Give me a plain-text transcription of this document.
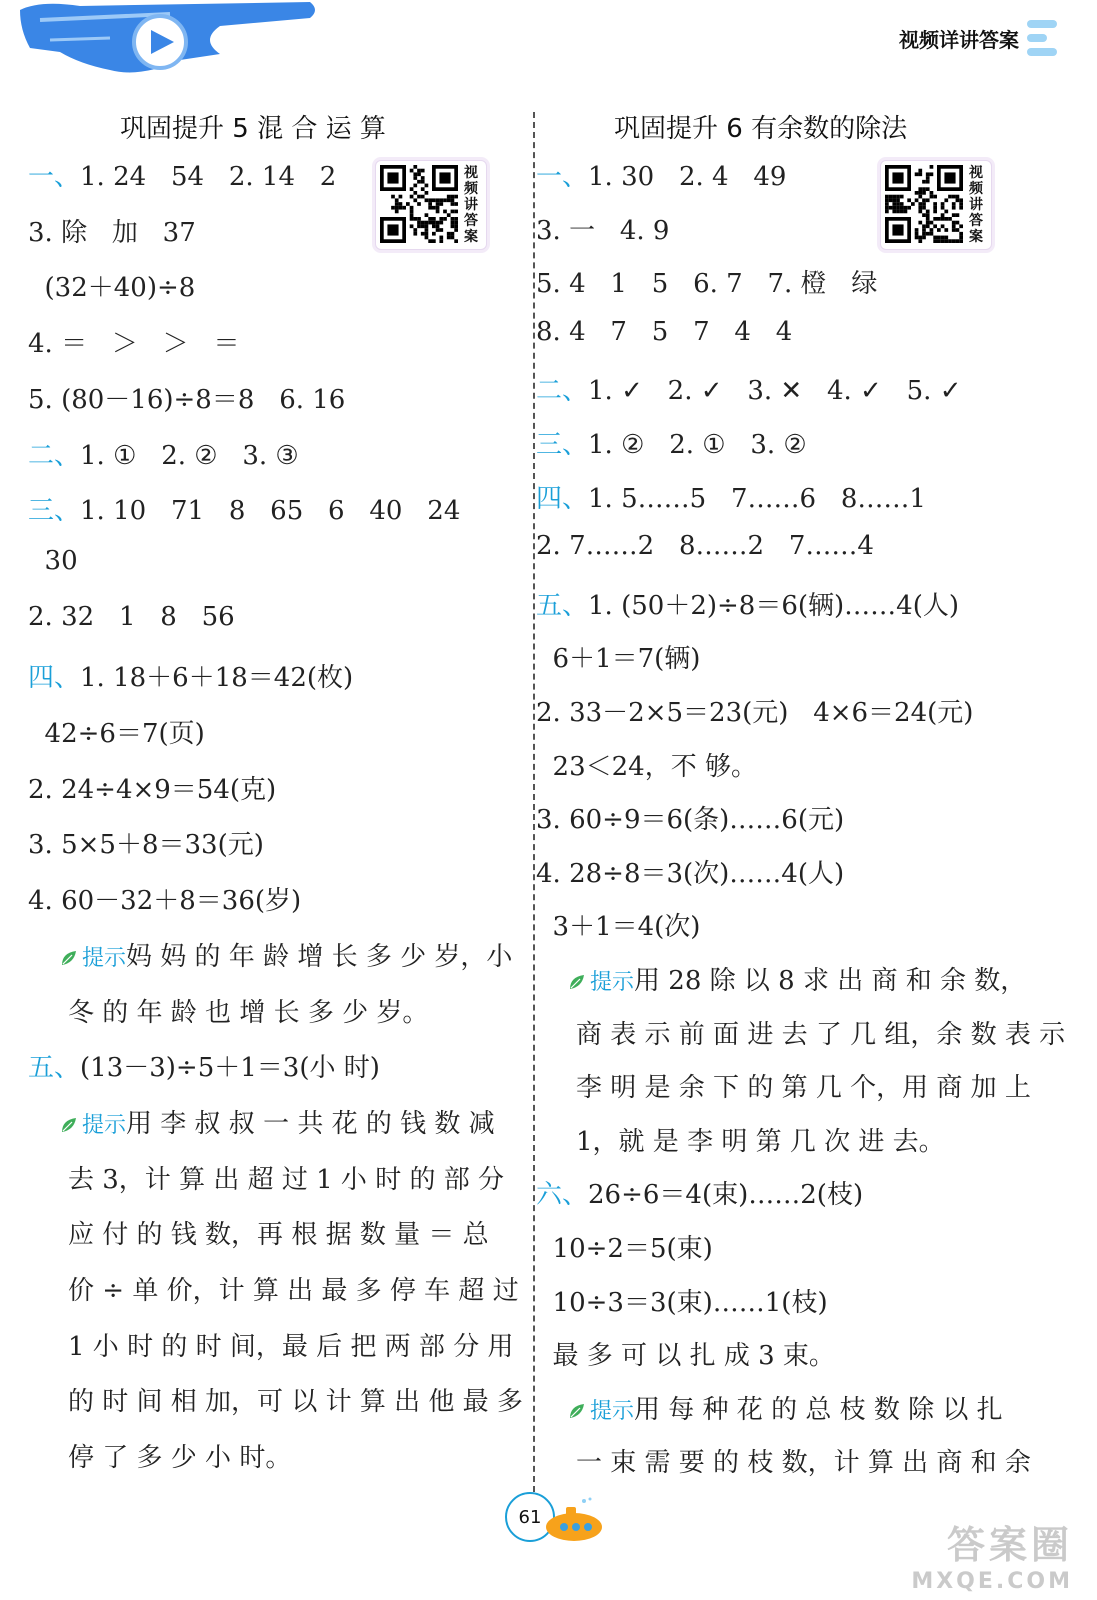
视频详讲答案
巩固提升 5 混 合 运 算
一、1. 24   54   2. 14   2
3. 除   加   37
(32＋40)÷8
4. ＝   ＞   ＞   ＝
5. (80－16)÷8＝8   6. 16
二、1. ①   2. ②   3. ③
三、1. 10   71   8   65   6   40   24
30
2. 32   1   8   56
四、1. 18＋6＋18＝42(枚)
42÷6＝7(页)
2. 24÷4×9＝54(克)
3. 5×5＋8＝33(元)
4. 60－32＋8＝36(岁)
提示妈 妈 的 年 龄 增 长 多 少 岁，小
冬 的 年 龄 也 增 长 多 少 岁。
五、(13－3)÷5＋1＝3(小 时)
提示用 李 叔 叔 一 共 花 的 钱 数 减
去 3，计 算 出 超 过 1 小 时 的 部 分
应 付 的 钱 数，再 根 据 数 量 ＝ 总
价 ÷ 单 价，计 算 出 最 多 停 车 超 过
1 小 时 的 时 间，最 后 把 两 部 分 用
的 时 间 相 加，可 以 计 算 出 他 最 多
停 了 多 少 小 时。
视频讲答案
巩固提升 6 有余数的除法
一、1. 30   2. 4   49
3. 一   4. 9
5. 4   1   5   6. 7   7. 橙   绿
8. 4   7   5   7   4   4
二、1. ✓   2. ✓   3. ✕   4. ✓   5. ✓
三、1. ②   2. ①   3. ②
四、1. 5……5   7……6   8……1
2. 7……2   8……2   7……4
五、1. (50＋2)÷8＝6(辆)……4(人)
6＋1＝7(辆)
2. 33－2×5＝23(元)   4×6＝24(元)
23＜24，不 够。
3. 60÷9＝6(条)……6(元)
4. 28÷8＝3(次)……4(人)
3＋1＝4(次)
提示用 28 除 以 8 求 出 商 和 余 数，
商 表 示 前 面 进 去 了 几 组，余 数 表 示
李 明 是 余 下 的 第 几 个，用 商 加 上
1，就 是 李 明 第 几 次 进 去。
六、26÷6＝4(束)……2(枝)
10÷2＝5(束)
10÷3＝3(束)……1(枝)
最 多 可 以 扎 成 3 束。
提示用 每 种 花 的 总 枝 数 除 以 扎
一 束 需 要 的 枝 数，计 算 出 商 和 余
视频讲答案
61
答案圈
MXQE.COM
